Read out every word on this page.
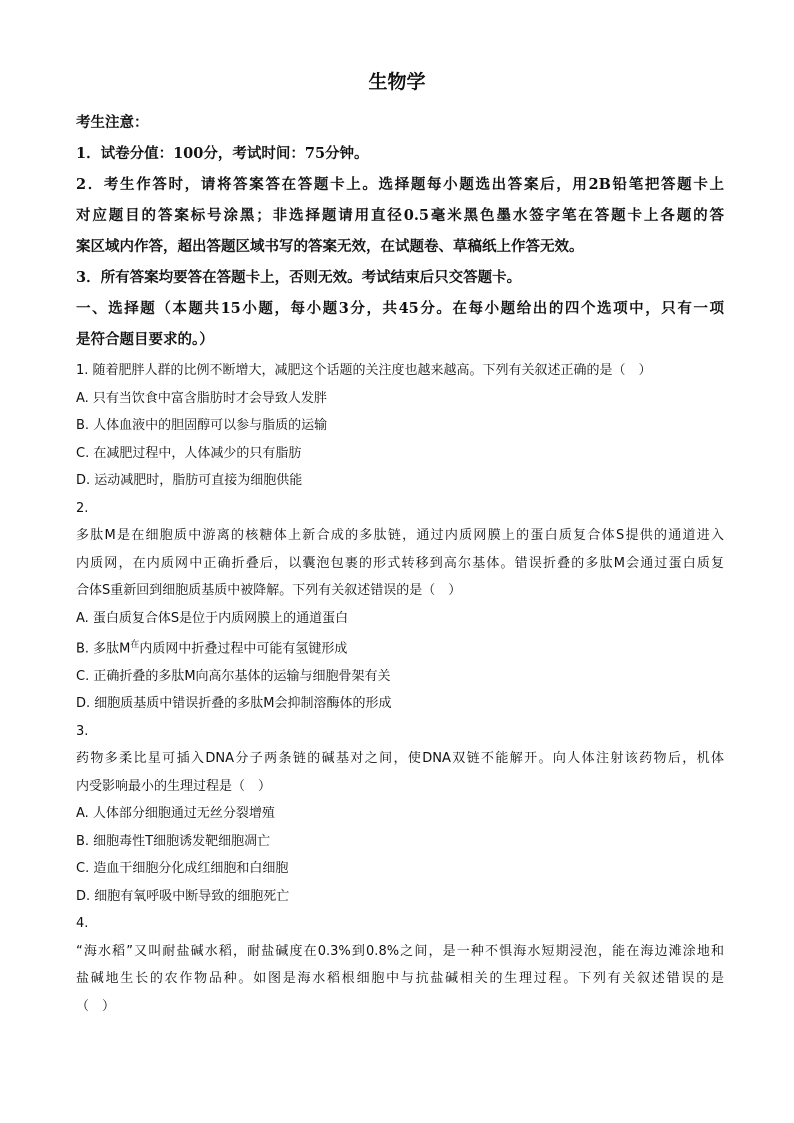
生物学
考生注意：
1．试卷分值：100分，考试时间：75分钟。
2．考生作答时，请将答案答在答题卡上。选择题每小题选出答案后，用2B铅笔把答题卡上
对应题目的答案标号涂黑；非选择题请用直径0.5毫米黑色墨水签字笔在答题卡上各题的答
案区域内作答，超出答题区域书写的答案无效，在试题卷、草稿纸上作答无效。
3．所有答案均要答在答题卡上，否则无效。考试结束后只交答题卡。
一、选择题（本题共15小题，每小题3分，共45分。在每小题给出的四个选项中，只有一项
是符合题目要求的。）
1. 随着肥胖人群的比例不断增大，减肥这个话题的关注度也越来越高。下列有关叙述正确的是（　）
A. 只有当饮食中富含脂肪时才会导致人发胖
B. 人体血液中的胆固醇可以参与脂质的运输
C. 在减肥过程中，人体减少的只有脂肪
D. 运动减肥时，脂肪可直接为细胞供能
2.
多肽M是在细胞质中游离的核糖体上新合成的多肽链，通过内质网膜上的蛋白质复合体S提供的通道进入
内质网，在内质网中正确折叠后，以囊泡包裹的形式转移到高尔基体。错误折叠的多肽M会通过蛋白质复
合体S重新回到细胞质基质中被降解。下列有关叙述错误的是（　）
A. 蛋白质复合体S是位于内质网膜上的通道蛋白
B. 多肽$M^在$内质网中折叠过程中可能有氢键形成
C. 正确折叠的多肽M向高尔基体的运输与细胞骨架有关
D. 细胞质基质中错误折叠的多肽M会抑制溶酶体的形成
3.
药物多柔比星可插入DNA分子两条链的碱基对之间，使DNA双链不能解开。向人体注射该药物后，机体
内受影响最小的生理过程是（　）
A. 人体部分细胞通过无丝分裂增殖
B. 细胞毒性T细胞诱发靶细胞凋亡
C. 造血干细胞分化成红细胞和白细胞
D. 细胞有氧呼吸中断导致的细胞死亡
4.
“海水稻”又叫耐盐碱水稻，耐盐碱度在0.3%到0.8%之间，是一种不惧海水短期浸泡，能在海边滩涂地和
盐碱地生长的农作物品种。如图是海水稻根细胞中与抗盐碱相关的生理过程。下列有关叙述错误的是
（　）
